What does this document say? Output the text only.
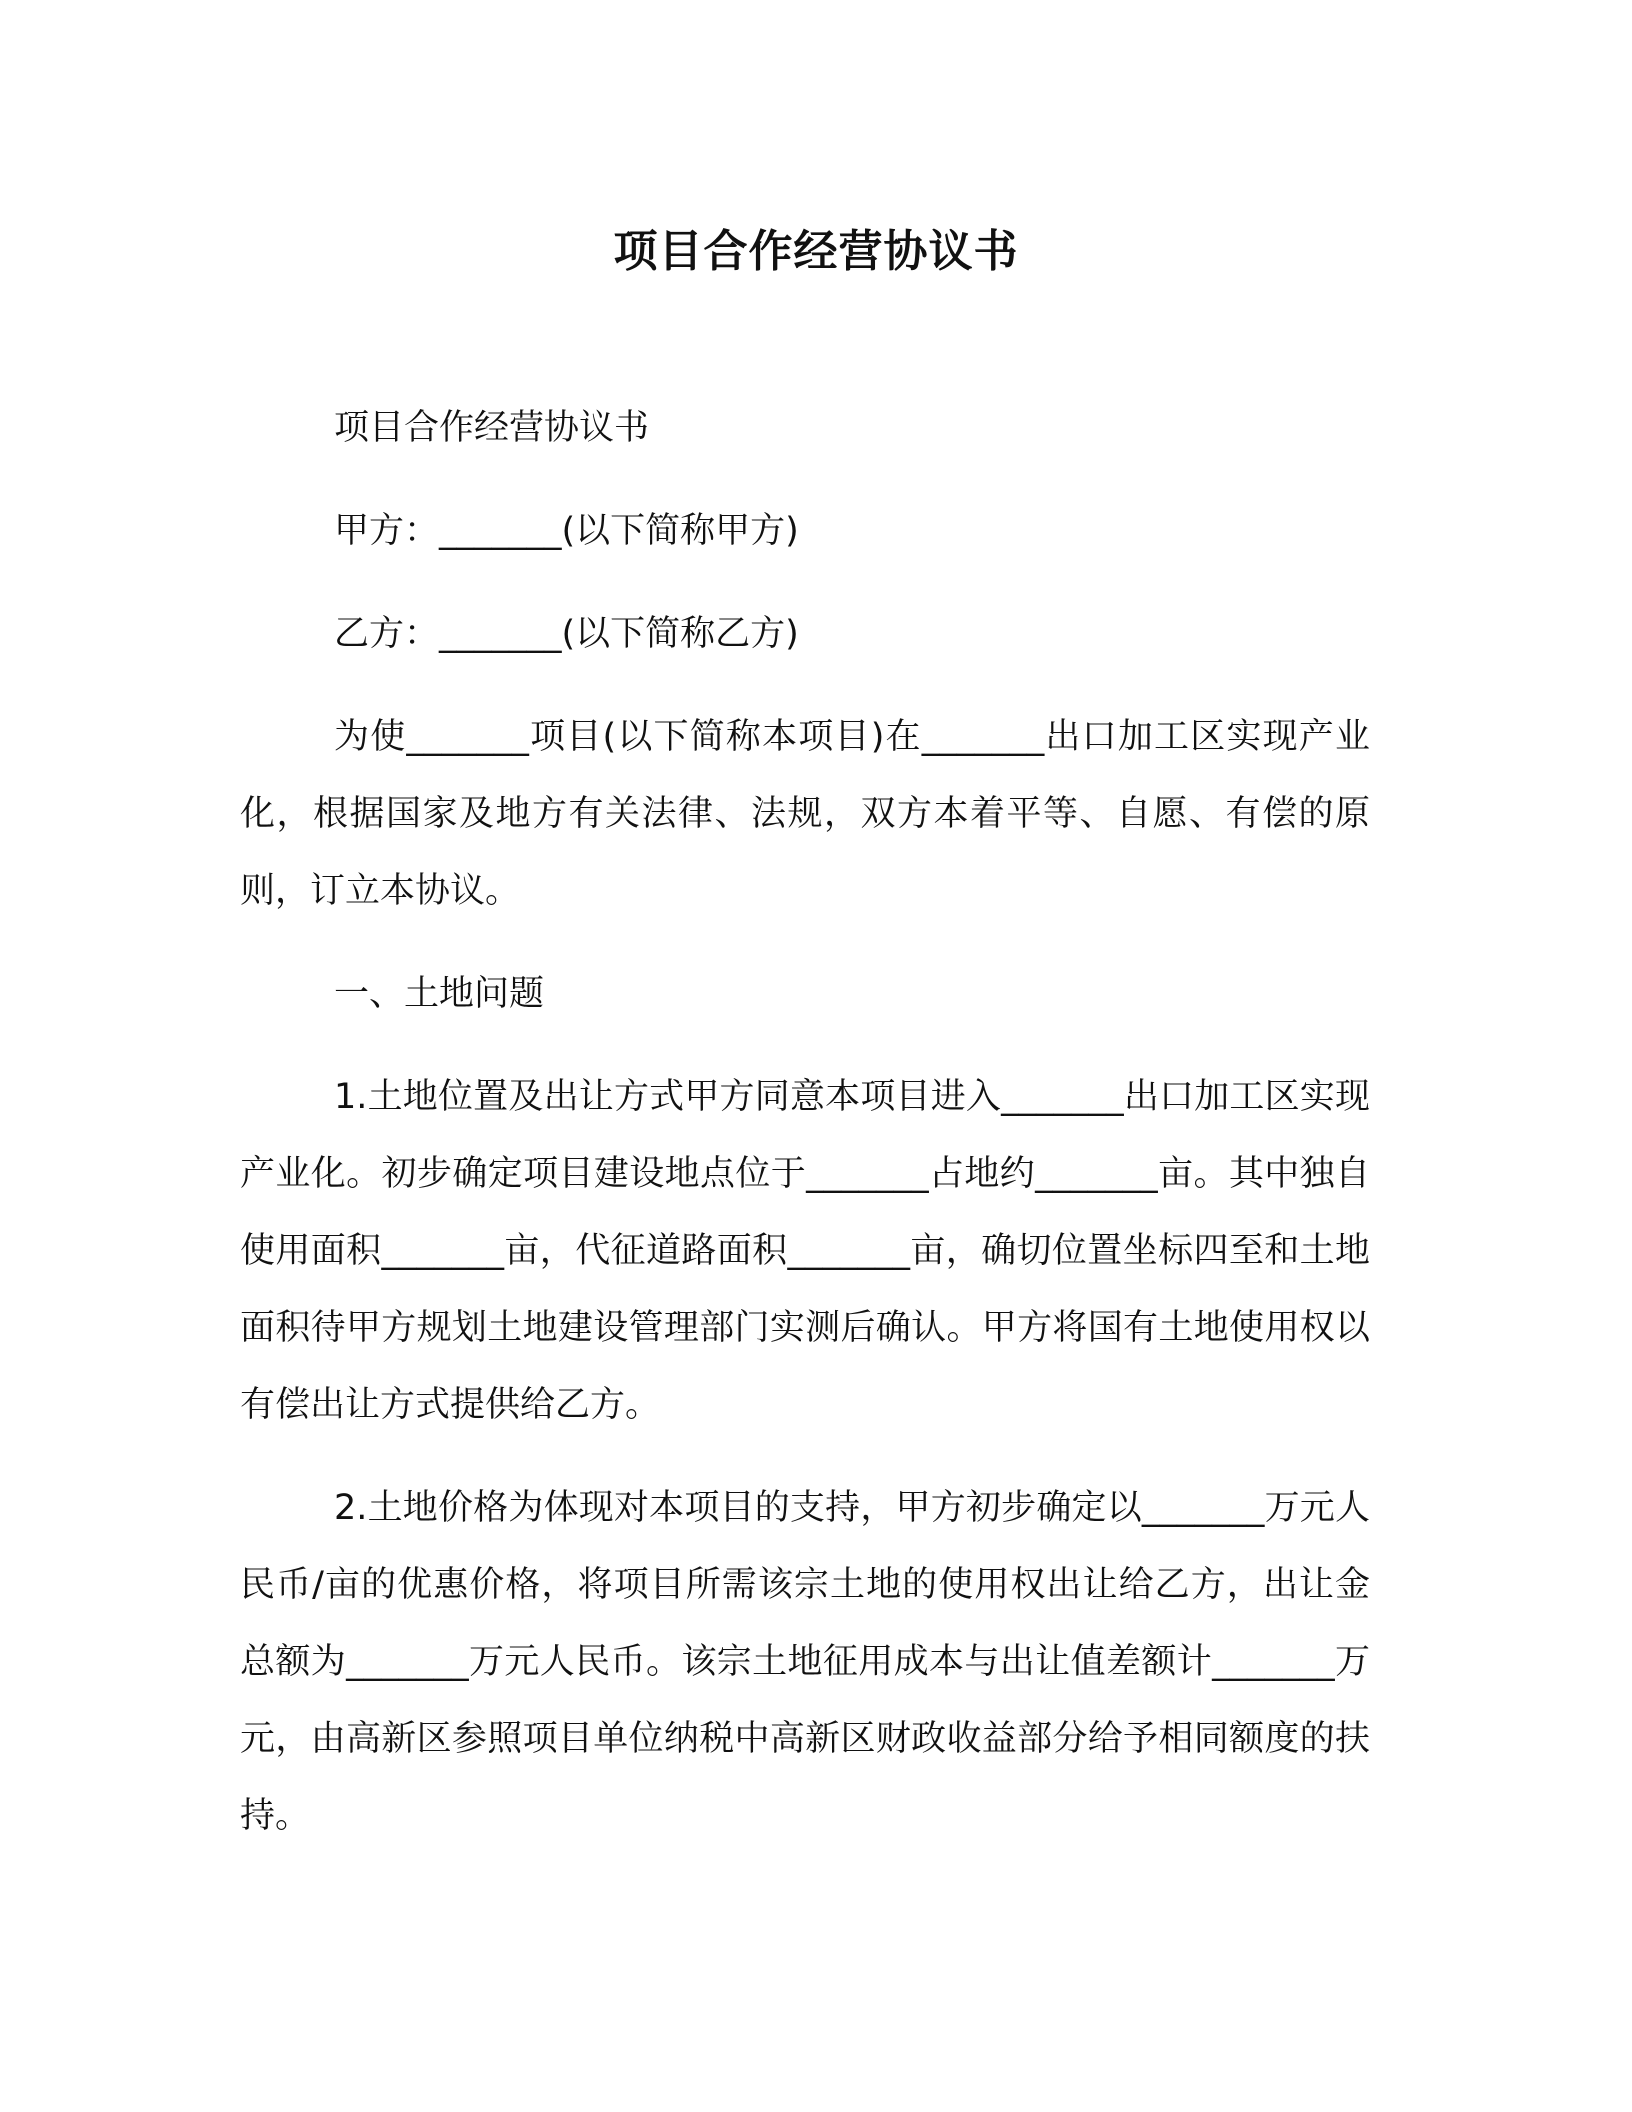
项目合作经营协议书

项目合作经营协议书

甲方：_______(以下简称甲方)

乙方：_______(以下简称乙方)

为使_______项目(以下简称本项目)在_______出口加工区实现产业化，根据国家及地方有关法律、法规，双方本着平等、自愿、有偿的原则，订立本协议。

一、土地问题

1.土地位置及出让方式甲方同意本项目进入_______出口加工区实现产业化。初步确定项目建设地点位于_______占地约_______亩。其中独自使用面积_______亩，代征道路面积_______亩，确切位置坐标四至和土地面积待甲方规划土地建设管理部门实测后确认。甲方将国有土地使用权以有偿出让方式提供给乙方。

2.土地价格为体现对本项目的支持，甲方初步确定以_______万元人民币/亩的优惠价格，将项目所需该宗土地的使用权出让给乙方，出让金总额为_______万元人民币。该宗土地征用成本与出让值差额计_______万元，由高新区参照项目单位纳税中高新区财政收益部分给予相同额度的扶持。
